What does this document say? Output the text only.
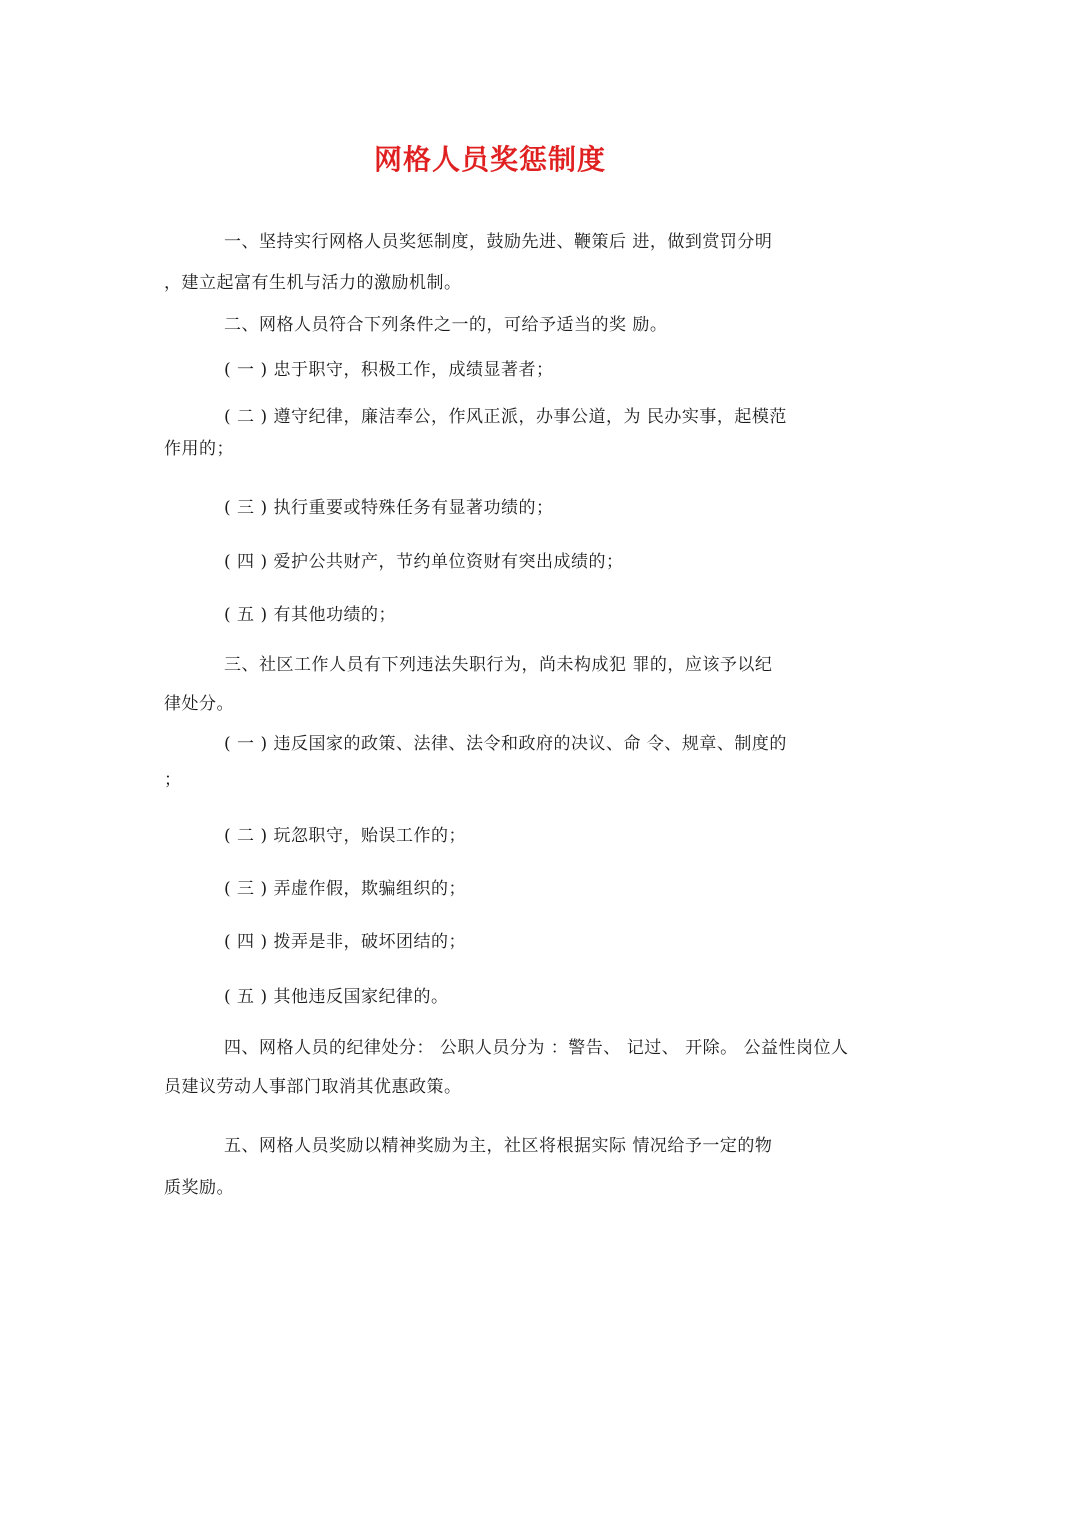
网格人员奖惩制度
一、坚持实行网格人员奖惩制度，鼓励先进、鞭策后 进，做到赏罚分明
，建立起富有生机与活力的激励机制。
二、网格人员符合下列条件之一的，可给予适当的奖 励。
( 一 ) 忠于职守，积极工作，成绩显著者；
( 二 ) 遵守纪律，廉洁奉公，作风正派，办事公道，为 民办实事，起模范
作用的；
( 三 ) 执行重要或特殊任务有显著功绩的；
( 四 ) 爱护公共财产，节约单位资财有突出成绩的；
( 五 ) 有其他功绩的；
三、社区工作人员有下列违法失职行为，尚未构成犯 罪的，应该予以纪
律处分。
( 一 ) 违反国家的政策、法律、法令和政府的决议、命 令、规章、制度的
；
( 二 ) 玩忽职守，贻误工作的；
( 三 ) 弄虚作假，欺骗组织的；
( 四 ) 拨弄是非，破坏团结的；
( 五 ) 其他违反国家纪律的。
四、网格人员的纪律处分： 公职人员分为 ：警告、 记过、 开除。 公益性岗位人
员建议劳动人事部门取消其优惠政策。
五、网格人员奖励以精神奖励为主，社区将根据实际 情况给予一定的物
质奖励。
